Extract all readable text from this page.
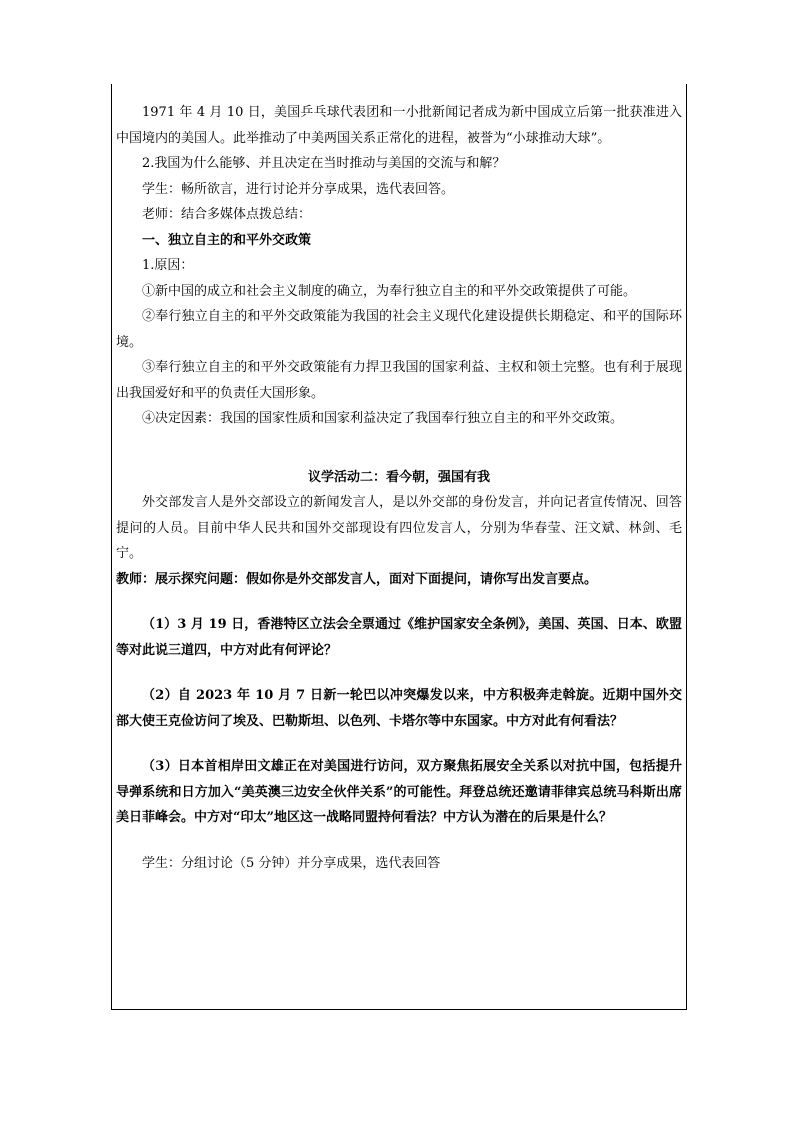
1971 年 4 月 10 日，美国乒乓球代表团和一小批新闻记者成为新中国成立后第一批获准进入中国境内的美国人。此举推动了中美两国关系正常化的进程，被誉为“小球推动大球”。

2.我国为什么能够、并且决定在当时推动与美国的交流与和解？

学生：畅所欲言，进行讨论并分享成果，选代表回答。

老师：结合多媒体点拨总结：

一、独立自主的和平外交政策

1.原因：

①新中国的成立和社会主义制度的确立，为奉行独立自主的和平外交政策提供了可能。

②奉行独立自主的和平外交政策能为我国的社会主义现代化建设提供长期稳定、和平的国际环境。

③奉行独立自主的和平外交政策能有力捍卫我国的国家利益、主权和领土完整。也有利于展现出我国爱好和平的负责任大国形象。

④决定因素：我国的国家性质和国家利益决定了我国奉行独立自主的和平外交政策。

议学活动二：看今朝，强国有我

外交部发言人是外交部设立的新闻发言人，是以外交部的身份发言，并向记者宣传情况、回答提问的人员。目前中华人民共和国外交部现设有四位发言人，分别为华春莹、汪文斌、林剑、毛宁。

教师：展示探究问题：假如你是外交部发言人，面对下面提问，请你写出发言要点。

（1）3 月 19 日，香港特区立法会全票通过《维护国家安全条例》，美国、英国、日本、欧盟等对此说三道四，中方对此有何评论？

（2）自 2023 年 10 月 7 日新一轮巴以冲突爆发以来，中方积极奔走斡旋。近期中国外交部大使王克俭访问了埃及、巴勒斯坦、以色列、卡塔尔等中东国家。中方对此有何看法？

（3）日本首相岸田文雄正在对美国进行访问，双方聚焦拓展安全关系以对抗中国，包括提升导弹系统和日方加入“美英澳三边安全伙伴关系”的可能性。拜登总统还邀请菲律宾总统马科斯出席美日菲峰会。中方对“印太”地区这一战略同盟持何看法？中方认为潜在的后果是什么？

学生：分组讨论（5 分钟）并分享成果，选代表回答
